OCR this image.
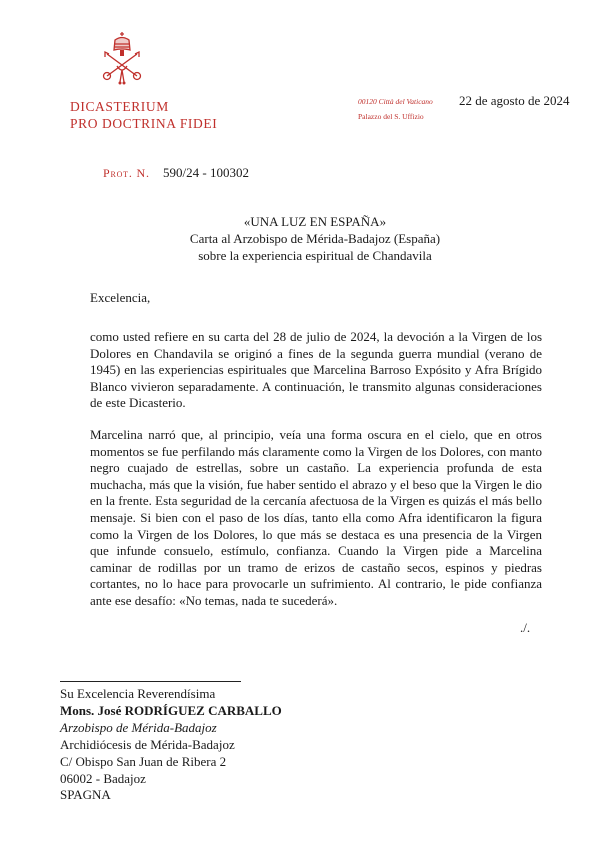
DICASTERIUM
PRO DOCTRINA FIDEI
00120 Città del Vaticano
Palazzo del S. Uffizio
22 de agosto de 2024
Prot. N. 590/24 - 100302
«UNA LUZ EN ESPAÑA»
Carta al Arzobispo de Mérida-Badajoz (España)
sobre la experiencia espiritual de Chandavila
Excelencia,
como usted refiere en su carta del 28 de julio de 2024, la devoción a la Virgen de los Dolores en Chandavila se originó a fines de la segunda guerra mundial (verano de 1945) en las experiencias espirituales que Marcelina Barroso Expósito y Afra Brígido Blanco vivieron separadamente. A continuación, le transmito algunas consideraciones de este Dicasterio.
Marcelina narró que, al principio, veía una forma oscura en el cielo, que en otros momentos se fue perfilando más claramente como la Virgen de los Dolores, con manto negro cuajado de estrellas, sobre un castaño. La experiencia profunda de esta muchacha, más que la visión, fue haber sentido el abrazo y el beso que la Virgen le dio en la frente. Esta seguridad de la cercanía afectuosa de la Virgen es quizás el más bello mensaje. Si bien con el paso de los días, tanto ella como Afra identificaron la figura como la Virgen de los Dolores, lo que más se destaca es una presencia de la Virgen que infunde consuelo, estímulo, confianza. Cuando la Virgen pide a Marcelina caminar de rodillas por un tramo de erizos de castaño secos, espinos y piedras cortantes, no lo hace para provocarle un sufrimiento. Al contrario, le pide confianza ante ese desafío: «No temas, nada te sucederá».
./.
Su Excelencia Reverendísima
Mons. José RODRÍGUEZ CARBALLO
Arzobispo de Mérida-Badajoz
Archidiócesis de Mérida-Badajoz
C/ Obispo San Juan de Ribera 2
06002 - Badajoz
SPAGNA
